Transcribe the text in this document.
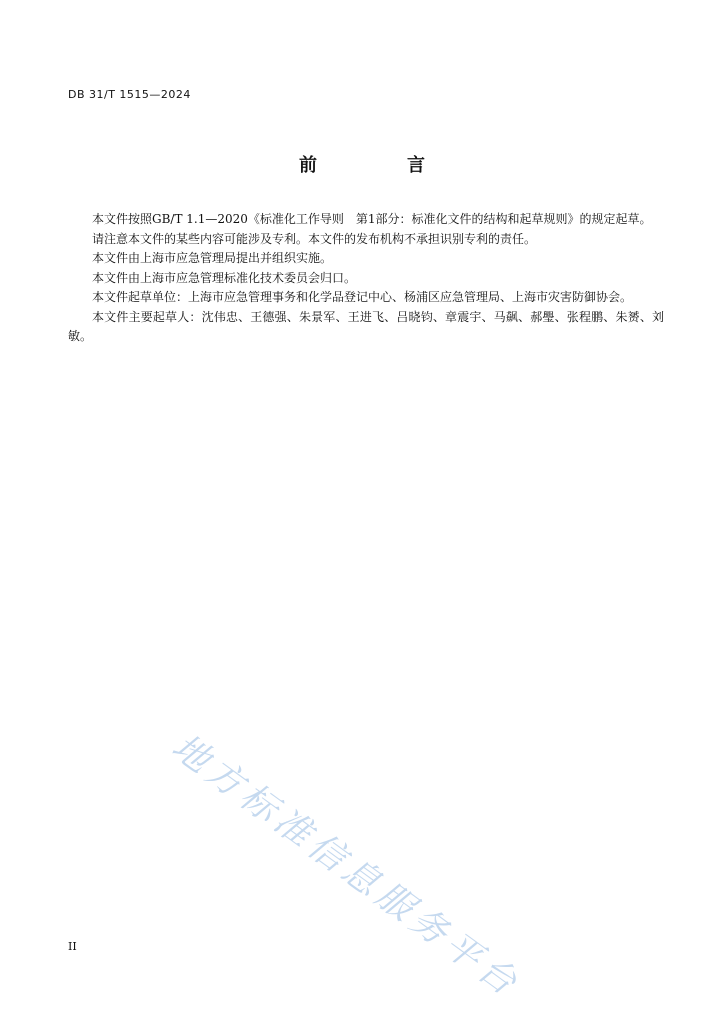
DB 31/T 1515—2024
前　言

本文件按照GB/T 1.1—2020《标准化工作导则　第1部分：标准化文件的结构和起草规则》的规定起草。

请注意本文件的某些内容可能涉及专利。本文件的发布机构不承担识别专利的责任。

本文件由上海市应急管理局提出并组织实施。

本文件由上海市应急管理标准化技术委员会归口。

本文件起草单位：上海市应急管理事务和化学品登记中心、杨浦区应急管理局、上海市灾害防御协会。

本文件主要起草人：沈伟忠、王德强、朱景军、王进飞、吕晓钧、章震宇、马飙、郝璺、张程鹏、朱赟、刘敏。

地方标准信息服务平台
II
